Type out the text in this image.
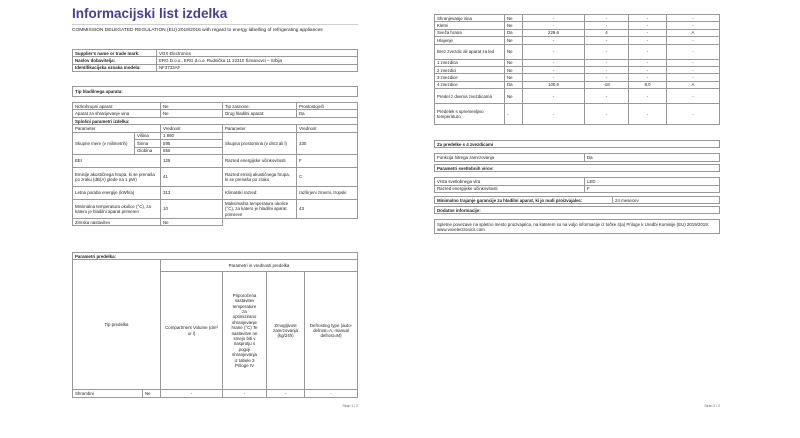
Informacijski list izdelka
COMMISSION DELEGATED REGULATION (EU) 2019/2016 with regard to energy labelling of refrigerating appliances
Supplier's name or trade mark:	VOX Electronics
Naslov dobavitelja:	ERG D.o.o., ERG d.o.o. Rudnička 11 22310 Šimanovci – Srbija
Identifikacijska oznaka modela:	NF3733AF
Tip hladilnega aparata:			

Nizkohrupni aparat:	Ne	Tip zasnove:	Prostostoječi
Aparat za shranjevanje vina	Ne	Drug hladilni aparat:	Da
Splošni parametri izdelka:				
Parameter		Vrednost	Parameter	Vrednost
Skupne mere (v milimetrih)	Višina	1 860	Skupna prostornina (v dm3 ali l)	330
	Širina	595		
	Globina	650		
EEI		125	Razred energijske učinkovitosti	F
Emisije akustičnega hrupa, ki se prenaša po zraku (dB(A) glede na 1 pW)		41	Razred emisij akustičnega hrupa, ki se prenaša po zraku	C
Letna poraba energije (kWh/a)		313	Klimatski razred:	razširjeni zmerni, tropski
Minimalna temperatura okolice (°C), za katero je hladilni aparat primeren		10	Maksimalna temperatura okolice (°C), za katero je hladilni aparat primeren	43
Zimska nastavitev		Ne		
Parametri predelka:					
Tip predelka		Parametri in vrednosti predelka			
		Compartment Volume (dm³ or l)	Priporočena nastavitev temperature za optimizirano shranjevanje hrane (°C) Te nastavitve ne smejo biti v nasprotju s pogoji shranjevanja iz tabele 3 Priloge IV	Zmogljivost zamrzovanja (kg/24h)	Defrosting type (auto-defrost=A, manual defrost=M)
Shrambni	Ne	-	-	-	-
Stran 1 / 2
Shranjevanje vina	Ne	-	-	-	-
Kletni	Ne	-	-	-	-
Sveža hrana	Da	229,6	4	-	A
Hlajenje	Ne	-	-	-	-
Brez zvezdic ali aparat za led	Ne	-	-	-	-
1 zvezdica	Ne	-	-	-	-
2 zvezdici	Ne	-	-	-	-
3 zvezdice	Ne	-	-	-	-
4 zvezdice	Da	100,6	-18	8,0	A
Predel z dvema zvezdicama	Ne	-	-	-	-
Predelek s spremenljivo temperaturo	-	-	-	-	-
Za predelke s 4 zvezdicami

Funkcija hitrega zamrzovanja	Da
Parametri svetlobnih virov:	

Vrsta svetlobnega vira	LED
Razred energijske učinkovitosti	F
Minimalno trajanje garancije za hladilni aparat, ki jo nudi proizvajalec:	24 mesecev
Dodatne informacije:

Spletne povezave na spletno mesto proizvajalca, na katerem so na voljo informacije iz točke 4(a) Priloge k Uredbi Komisije (EU) 2019/2019: www.voxelectronics.com
Stran 2 / 2
